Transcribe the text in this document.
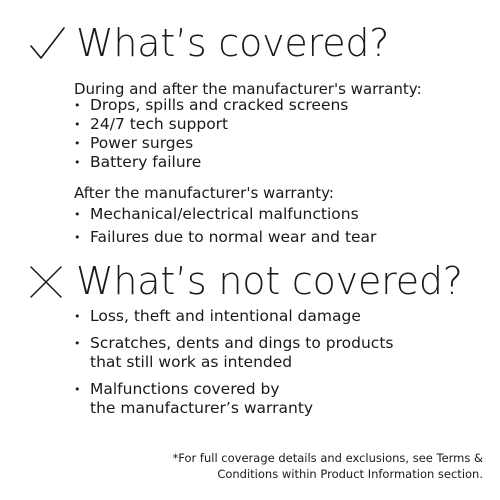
What’s covered?
During and after the manufacturer's warranty:
• Drops, spills and cracked screens
• 24/7 tech support
• Power surges
• Battery failure
After the manufacturer's warranty:
• Mechanical/electrical malfunctions
• Failures due to normal wear and tear
What’s not covered?
• Loss, theft and intentional damage
• Scratches, dents and dings to products
that still work as intended
• Malfunctions covered by
the manufacturer’s warranty
*For full coverage details and exclusions, see Terms &
Conditions within Product Information section.
